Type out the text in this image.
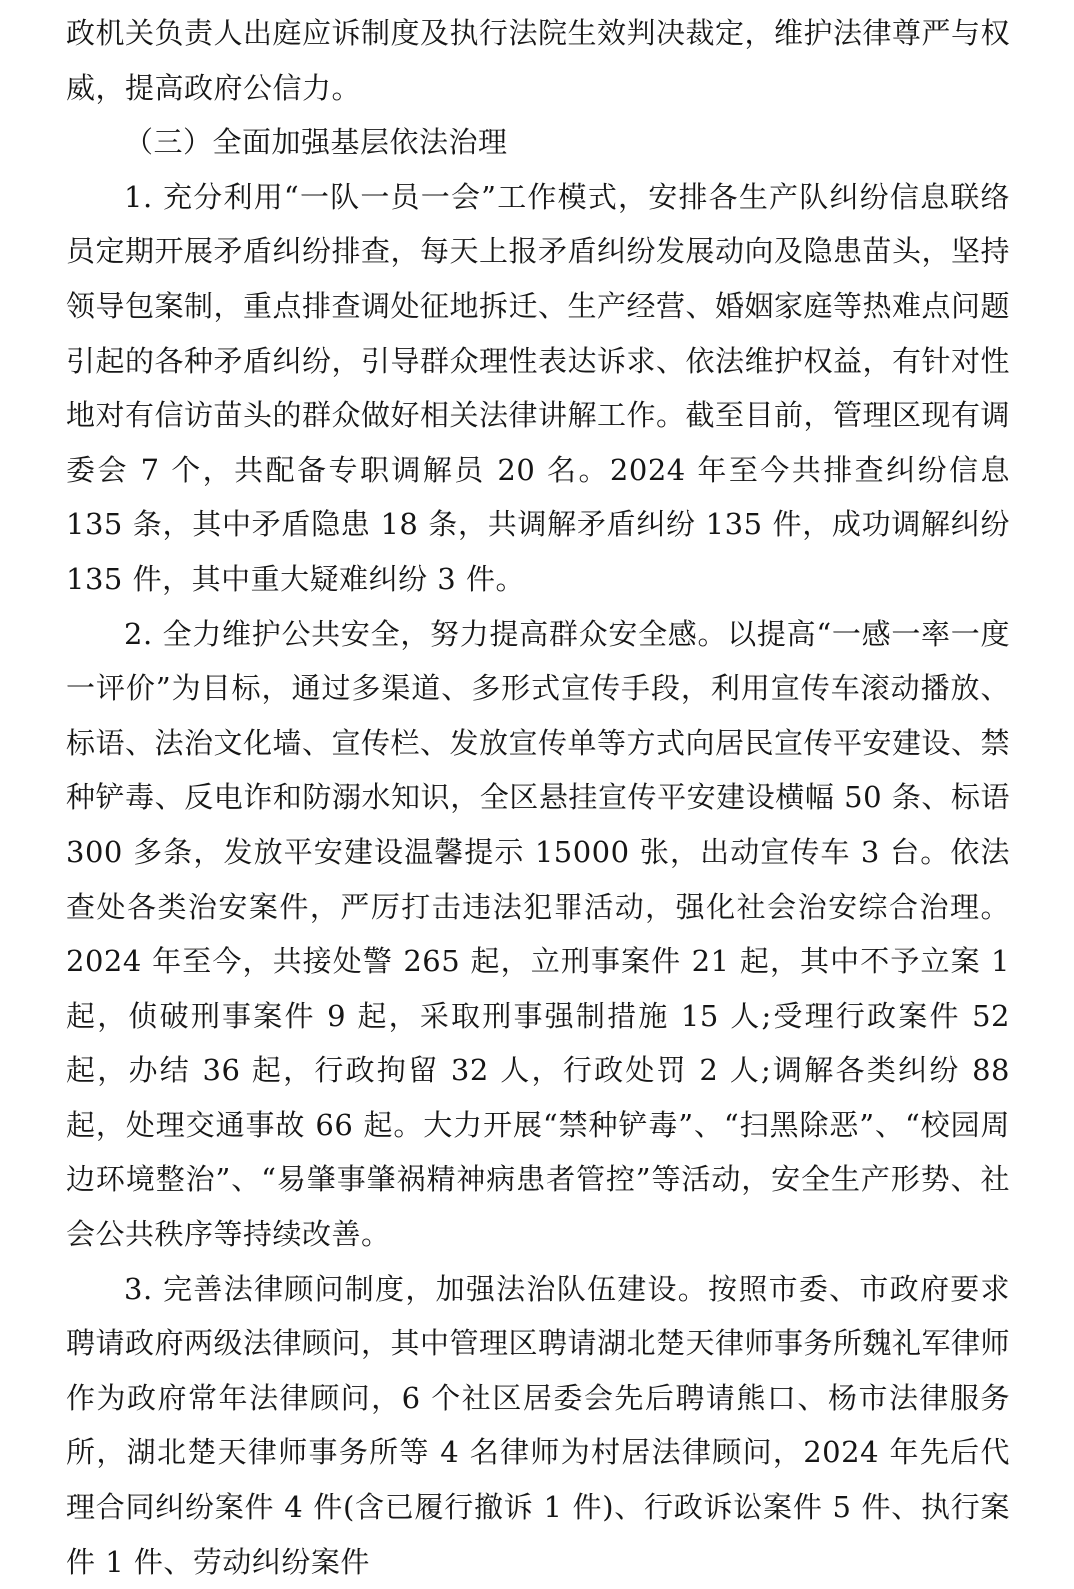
政机关负责人出庭应诉制度及执行法院生效判决裁定，维护法律尊严与权威，提高政府公信力。

（三）全面加强基层依法治理

1. 充分利用“一队一员一会”工作模式，安排各生产队纠纷信息联络员定期开展矛盾纠纷排查，每天上报矛盾纠纷发展动向及隐患苗头，坚持领导包案制，重点排查调处征地拆迁、生产经营、婚姻家庭等热难点问题引起的各种矛盾纠纷，引导群众理性表达诉求、依法维护权益，有针对性地对有信访苗头的群众做好相关法律讲解工作。截至目前，管理区现有调委会 7 个，共配备专职调解员 20 名。2024 年至今共排查纠纷信息 135 条，其中矛盾隐患 18 条，共调解矛盾纠纷 135 件，成功调解纠纷 135 件，其中重大疑难纠纷 3 件。

2. 全力维护公共安全，努力提高群众安全感。以提高“一感一率一度一评价”为目标，通过多渠道、多形式宣传手段，利用宣传车滚动播放、标语、法治文化墙、宣传栏、发放宣传单等方式向居民宣传平安建设、禁种铲毒、反电诈和防溺水知识，全区悬挂宣传平安建设横幅 50 条、标语 300 多条，发放平安建设温馨提示 15000 张，出动宣传车 3 台。依法查处各类治安案件，严厉打击违法犯罪活动，强化社会治安综合治理。2024 年至今，共接处警 265 起，立刑事案件 21 起，其中不予立案 1 起，侦破刑事案件 9 起，采取刑事强制措施 15 人;受理行政案件 52 起，办结 36 起，行政拘留 32 人，行政处罚 2 人;调解各类纠纷 88 起，处理交通事故 66 起。大力开展“禁种铲毒”、“扫黑除恶”、“校园周边环境整治”、“易肇事肇祸精神病患者管控”等活动，安全生产形势、社会公共秩序等持续改善。

3. 完善法律顾问制度，加强法治队伍建设。按照市委、市政府要求聘请政府两级法律顾问，其中管理区聘请湖北楚天律师事务所魏礼军律师作为政府常年法律顾问，6 个社区居委会先后聘请熊口、杨市法律服务所，湖北楚天律师事务所等 4 名律师为村居法律顾问，2024 年先后代理合同纠纷案件 4 件(含已履行撤诉 1 件)、行政诉讼案件 5 件、执行案件 1 件、劳动纠纷案件
